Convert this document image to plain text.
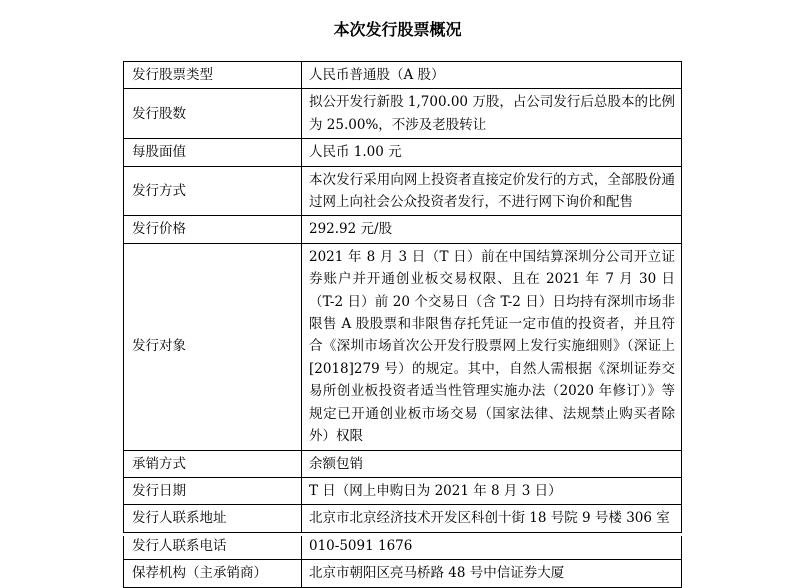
本次发行股票概况
发行股票类型	人民币普通股（A 股）
发行股数	拟公开发行新股 1,700.00 万股，占公司发行后总股本的比例为 25.00%，不涉及老股转让
每股面值	人民币 1.00 元
发行方式	本次发行采用向网上投资者直接定价发行的方式，全部股份通过网上向社会公众投资者发行，不进行网下询价和配售
发行价格	292.92 元/股
发行对象	2021 年 8 月 3 日（T 日）前在中国结算深圳分公司开立证券账户并开通创业板交易权限、且在 2021 年 7 月 30 日（T-2 日）前 20 个交易日（含 T-2 日）日均持有深圳市场非限售 A 股股票和非限售存托凭证一定市值的投资者，并且符合《深圳市场首次公开发行股票网上发行实施细则》（深证上[2018]279 号）的规定。其中，自然人需根据《深圳证券交易所创业板投资者适当性管理实施办法（2020 年修订）》等规定已开通创业板市场交易（国家法律、法规禁止购买者除外）权限
承销方式	余额包销
发行日期	T 日（网上申购日为 2021 年 8 月 3 日）
发行人联系地址	北京市北京经济技术开发区科创十街 18 号院 9 号楼 306 室
发行人联系电话	010-5091 1676
保荐机构（主承销商）	北京市朝阳区亮马桥路 48 号中信证券大厦
